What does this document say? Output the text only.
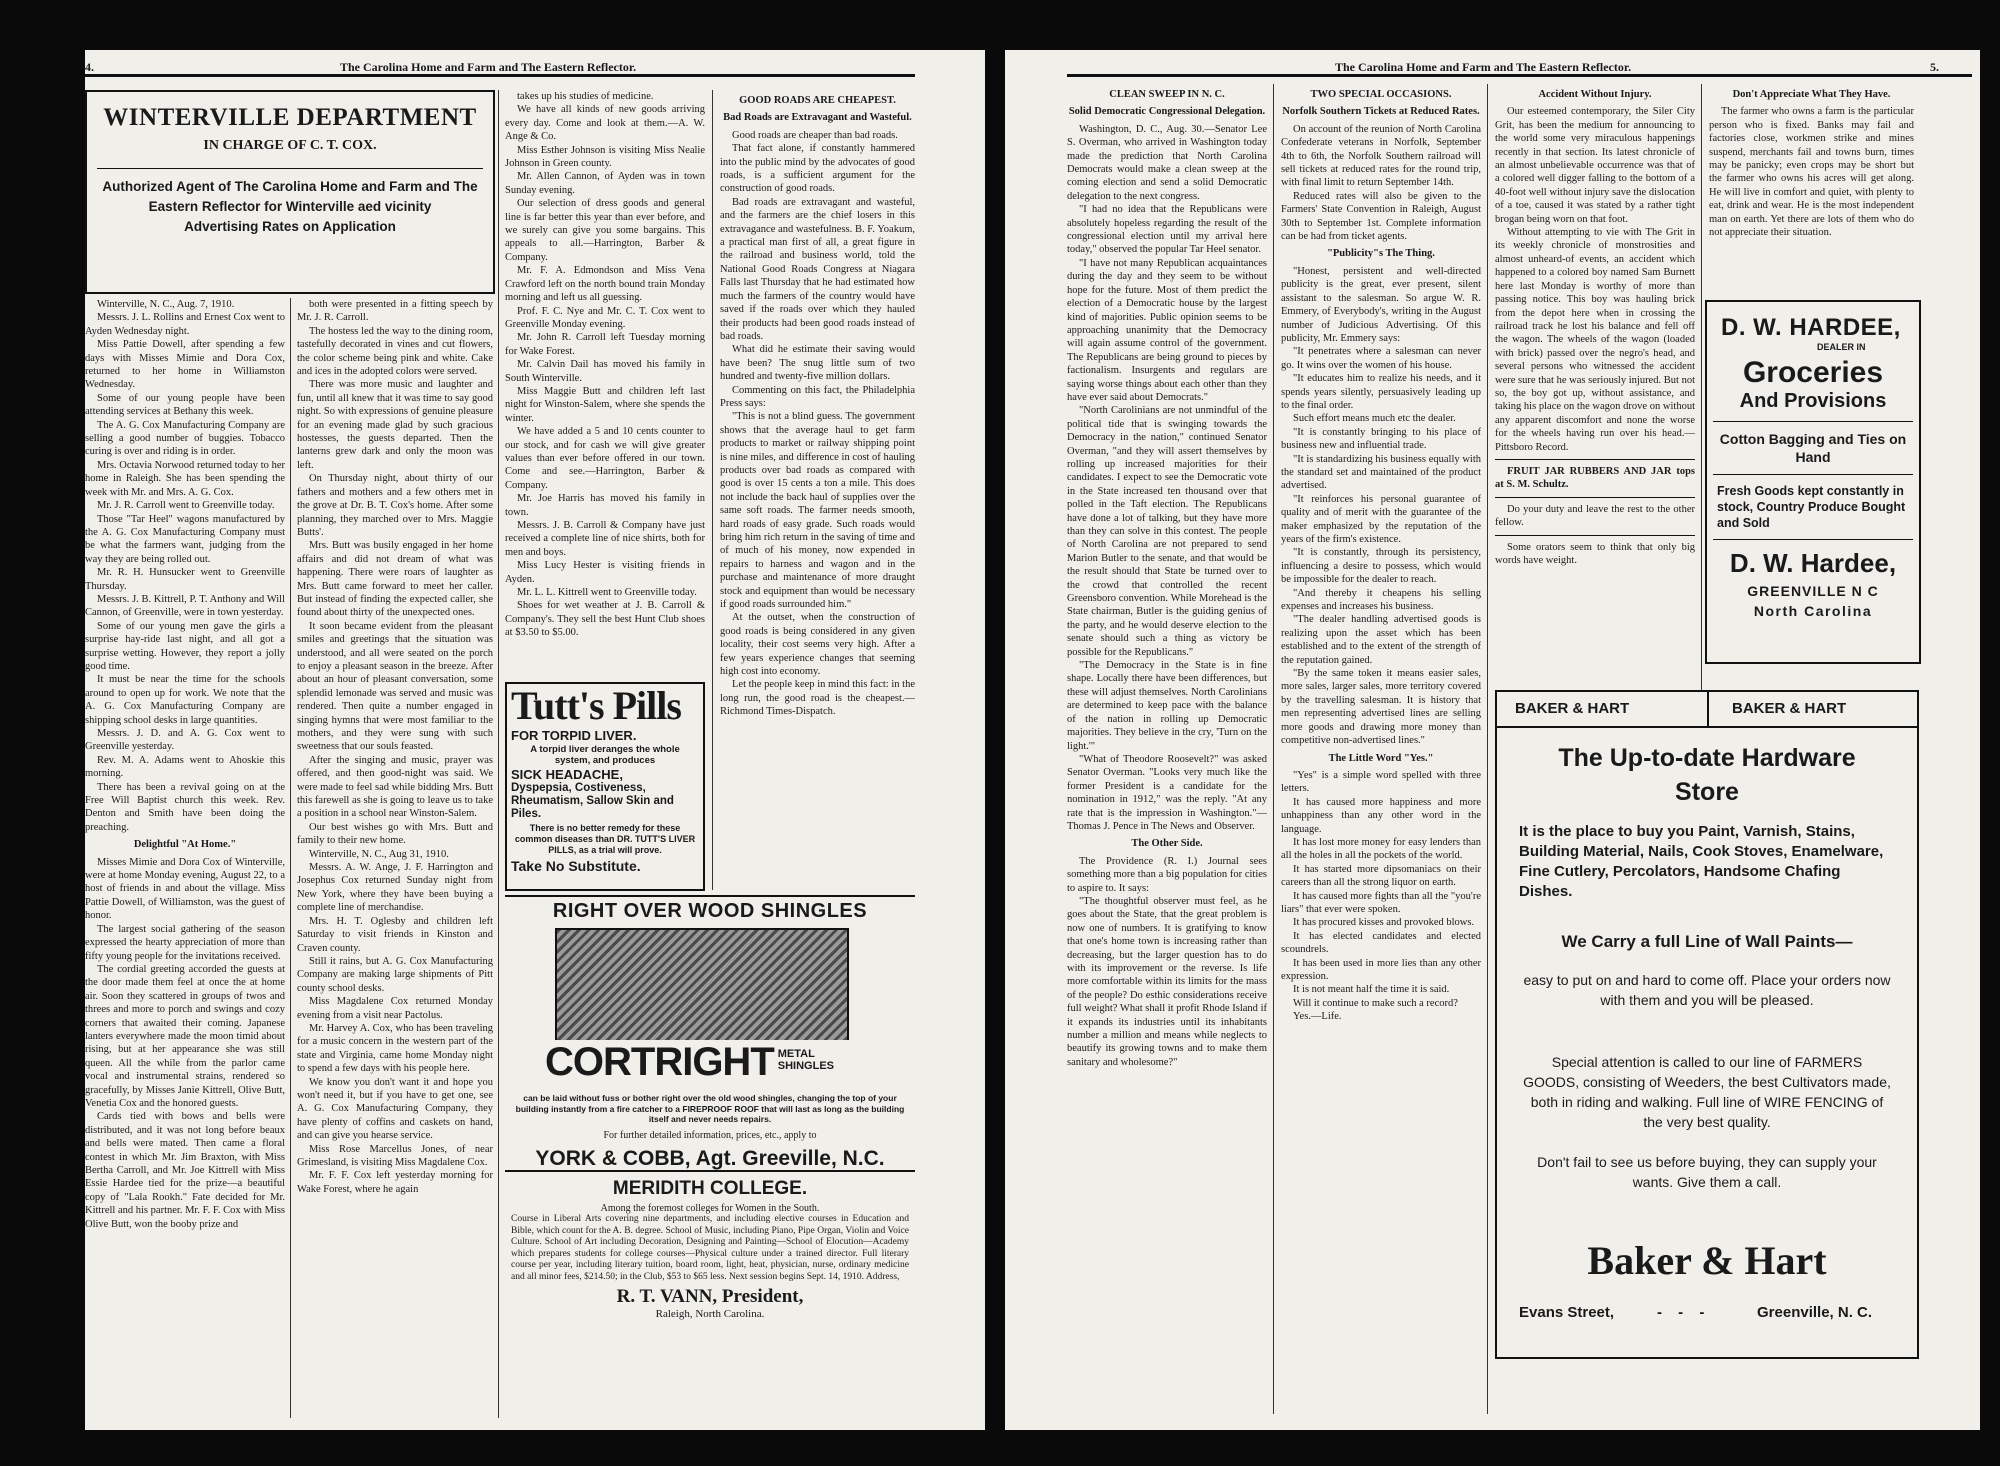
4.	The Carolina Home and Farm and The Eastern Reflector.
WINTERVILLE DEPARTMENT
IN CHARGE OF C. T. COX.
Authorized Agent of The Carolina Home and Farm and The Eastern Reflector for Winterville aed vicinity
Advertising Rates on Application

Winterville, N. C., Aug. 7, 1910.

Messrs. J. L. Rollins and Ernest Cox went to Ayden Wednesday night.

Miss Pattie Dowell, after spending a few days with Misses Mimie and Dora Cox, returned to her home in Williamston Wednesday.

Some of our young people have been attending services at Bethany this week.

The A. G. Cox Manufacturing Company are selling a good number of buggies. Tobacco curing is over and riding is in order.

Mrs. Octavia Norwood returned today to her home in Raleigh. She has been spending the week with Mr. and Mrs. A. G. Cox.

Mr. J. R. Carroll went to Greenville today.

Those "Tar Heel" wagons manufactured by the A. G. Cox Manufacturing Company must be what the farmers want, judging from the way they are being rolled out.

Mr. R. H. Hunsucker went to Greenville Thursday.

Messrs. J. B. Kittrell, P. T. Anthony and Will Cannon, of Greenville, were in town yesterday.

Some of our young men gave the girls a surprise hay-ride last night, and all got a surprise wetting. However, they report a jolly good time.

It must be near the time for the schools around to open up for work. We note that the A. G. Cox Manufacturing Company are shipping school desks in large quantities.

Messrs. J. D. and A. G. Cox went to Greenville yesterday.

Rev. M. A. Adams went to Ahoskie this morning.

There has been a revival going on at the Free Will Baptist church this week. Rev. Denton and Smith have been doing the preaching.

Delightful "At Home."

Misses Mimie and Dora Cox of Winterville, were at home Monday evening, August 22, to a host of friends in and about the village. Miss Pattie Dowell, of Williamston, was the guest of honor.

The largest social gathering of the season expressed the hearty appreciation of more than fifty young people for the invitations received.

The cordial greeting accorded the guests at the door made them feel at once the at home air. Soon they scattered in groups of twos and threes and more to porch and swings and cozy corners that awaited their coming. Japanese lanters everywhere made the moon timid about rising, but at her appearance she was still queen. All the while from the parlor came vocal and instrumental strains, rendered so gracefully, by Misses Janie Kittrell, Olive Butt, Venetia Cox and the honored guests.

Cards tied with bows and bells were distributed, and it was not long before beaux and bells were mated. Then came a floral contest in which Mr. Jim Braxton, with Miss Bertha Carroll, and Mr. Joe Kittrell with Miss Essie Hardee tied for the prize—a beautiful copy of "Lala Rookh." Fate decided for Mr. Kittrell and his partner. Mr. F. F. Cox with Miss Olive Butt, won the booby prize and

both were presented in a fitting speech by Mr. J. R. Carroll.

The hostess led the way to the dining room, tastefully decorated in vines and cut flowers, the color scheme being pink and white. Cake and ices in the adopted colors were served.

There was more music and laughter and fun, until all knew that it was time to say good night. So with expressions of genuine pleasure for an evening made glad by such gracious hostesses, the guests departed. Then the lanterns grew dark and only the moon was left.

On Thursday night, about thirty of our fathers and mothers and a few others met in the grove at Dr. B. T. Cox's home. After some planning, they marched over to Mrs. Maggie Butts'.

Mrs. Butt was busily engaged in her home affairs and did not dream of what was happening. There were roars of laughter as Mrs. Butt came forward to meet her caller. But instead of finding the expected caller, she found about thirty of the unexpected ones.

It soon became evident from the pleasant smiles and greetings that the situation was understood, and all were seated on the porch to enjoy a pleasant season in the breeze. After about an hour of pleasant conversation, some splendid lemonade was served and music was rendered. Then quite a number engaged in singing hymns that were most familiar to the mothers, and they were sung with such sweetness that our souls feasted.

After the singing and music, prayer was offered, and then good-night was said. We were made to feel sad while bidding Mrs. Butt this farewell as she is going to leave us to take a position in a school near Winston-Salem.

Our best wishes go with Mrs. Butt and family to their new home.

Winterville, N. C., Aug 31, 1910.

Messrs. A. W. Ange, J. F. Harrington and Josephus Cox returned Sunday night from New York, where they have been buying a complete line of merchandise.

Mrs. H. T. Oglesby and children left Saturday to visit friends in Kinston and Craven county.

Still it rains, but A. G. Cox Manufacturing Company are making large shipments of Pitt county school desks.

Miss Magdalene Cox returned Monday evening from a visit near Pactolus.

Mr. Harvey A. Cox, who has been traveling for a music concern in the western part of the state and Virginia, came home Monday night to spend a few days with his people here.

We know you don't want it and hope you won't need it, but if you have to get one, see A. G. Cox Manufacturing Company, they have plenty of coffins and caskets on hand, and can give you hearse service.

Miss Rose Marcellus Jones, of near Grimesland, is visiting Miss Magdalene Cox.

Mr. F. F. Cox left yesterday morning for Wake Forest, where he again

takes up his studies of medicine.

We have all kinds of new goods arriving every day. Come and look at them.—A. W. Ange & Co.

Miss Esther Johnson is visiting Miss Nealie Johnson in Green county.

Mr. Allen Cannon, of Ayden was in town Sunday evening.

Our selection of dress goods and general line is far better this year than ever before, and we surely can give you some bargains. This appeals to all.—Harrington, Barber & Company.

Mr. F. A. Edmondson and Miss Vena Crawford left on the north bound train Monday morning and left us all guessing.

Prof. F. C. Nye and Mr. C. T. Cox went to Greenville Monday evening.

Mr. John R. Carroll left Tuesday morning for Wake Forest.

Mr. Calvin Dail has moved his family in South Winterville.

Miss Maggie Butt and children left last night for Winston-Salem, where she spends the winter.

We have added a 5 and 10 cents counter to our stock, and for cash we will give greater values than ever before offered in our town. Come and see.—Harrington, Barber & Company.

Mr. Joe Harris has moved his family in town.

Messrs. J. B. Carroll & Company have just received a complete line of nice shirts, both for men and boys.

Miss Lucy Hester is visiting friends in Ayden.

Mr. L. L. Kittrell went to Greenville today.

Shoes for wet weather at J. B. Carroll & Company's. They sell the best Hunt Club shoes at $3.50 to $5.00.

Tutt's Pills
FOR TORPID LIVER.
A torpid liver deranges the whole system, and produces
SICK HEADACHE,
Dyspepsia, Costiveness, Rheumatism, Sallow Skin and Piles.
There is no better remedy for these common diseases than DR. TUTT'S LIVER PILLS, as a trial will prove.
Take No Substitute.
GOOD ROADS ARE CHEAPEST.
Bad Roads are Extravagant and Wasteful.

Good roads are cheaper than bad roads.

That fact alone, if constantly hammered into the public mind by the advocates of good roads, is a sufficient argument for the construction of good roads.

Bad roads are extravagant and wasteful, and the farmers are the chief losers in this extravagance and wastefulness. B. F. Yoakum, a practical man first of all, a great figure in the railroad and business world, told the National Good Roads Congress at Niagara Falls last Thursday that he had estimated how much the farmers of the country would have saved if the roads over which they hauled their products had been good roads instead of bad roads.

What did he estimate their saving would have been? The snug little sum of two hundred and twenty-five million dollars.

Commenting on this fact, the Philadelphia Press says:

"This is not a blind guess. The government shows that the average haul to get farm products to market or railway shipping point is nine miles, and difference in cost of hauling products over bad roads as compared with good is over 15 cents a ton a mile. This does not include the back haul of supplies over the same soft roads. The farmer needs smooth, hard roads of easy grade. Such roads would bring him rich return in the saving of time and of much of his money, now expended in repairs to harness and wagon and in the purchase and maintenance of more draught stock and equipment than would be necessary if good roads surrounded him."

At the outset, when the construction of good roads is being considered in any given locality, their cost seems very high. After a few years experience changes that seeming high cost into economy.

Let the people keep in mind this fact: in the long run, the good road is the cheapest.—Richmond Times-Dispatch.

RIGHT OVER WOOD SHINGLES
CORTRIGHT METAL SHINGLES
can be laid without fuss or bother right over the old wood shingles, changing the top of your building instantly from a fire catcher to a FIREPROOF ROOF that will last as long as the building itself and never needs repairs.
For further detailed information, prices, etc., apply to
YORK & COBB, Agt. Greeville, N.C.
MERIDITH COLLEGE.
Among the foremost colleges for Women in the South.
Course in Liberal Arts covering nine departments, and including elective courses in Education and Bible, which count for the A. B. degree. School of Music, including Piano, Pipe Organ, Violin and Voice Culture. School of Art including Decoration, Designing and Painting—School of Elocution—Academy which prepares students for college courses—Physical culture under a trained director. Full literary course per year, including literary tuition, board room, light, heat, physician, nurse, ordinary medicine and all minor fees, $214.50; in the Club, $53 to $65 less. Next session begins Sept. 14, 1910. Address,
R. T. VANN, President,
Raleigh, North Carolina.
The Carolina Home and Farm and The Eastern Reflector.	5.
CLEAN SWEEP IN N. C.
Solid Democratic Congressional Delegation.

Washington, D. C., Aug. 30.—Senator Lee S. Overman, who arrived in Washington today made the prediction that North Carolina Democrats would make a clean sweep at the coming election and send a solid Democratic delegation to the next congress.

"I had no idea that the Republicans were absolutely hopeless regarding the result of the congressional election until my arrival here today," observed the popular Tar Heel senator.

"I have not many Republican acquaintances during the day and they seem to be without hope for the future. Most of them predict the election of a Democratic house by the largest kind of majorities. Public opinion seems to be approaching unanimity that the Democracy will again assume control of the government. The Republicans are being ground to pieces by factionalism. Insurgents and regulars are saying worse things about each other than they have ever said about Democrats."

"North Carolinians are not unmindful of the political tide that is swinging towards the Democracy in the nation," continued Senator Overman, "and they will assert themselves by rolling up increased majorities for their candidates. I expect to see the Democratic vote in the State increased ten thousand over that polled in the Taft election. The Republicans have done a lot of talking, but they have more than they can solve in this contest. The people of North Carolina are not prepared to send Marion Butler to the senate, and that would be the result should that State be turned over to the crowd that controlled the recent Greensboro convention. While Morehead is the State chairman, Butler is the guiding genius of the party, and he would deserve election to the senate should such a thing as victory be possible for the Republicans."

"The Democracy in the State is in fine shape. Locally there have been differences, but these will adjust themselves. North Carolinians are determined to keep pace with the balance of the nation in rolling up Democratic majorities. They believe in the cry, 'Turn on the light.'"

"What of Theodore Roosevelt?" was asked Senator Overman. "Looks very much like the former President is a candidate for the nomination in 1912," was the reply. "At any rate that is the impression in Washington."—Thomas J. Pence in The News and Observer.

The Other Side.

The Providence (R. I.) Journal sees something more than a big population for cities to aspire to. It says:

"The thoughtful observer must feel, as he goes about the State, that the great problem is now one of numbers. It is gratifying to know that one's home town is increasing rather than decreasing, but the larger question has to do with its improvement or the reverse. Is life more comfortable within its limits for the mass of the people? Do esthic considerations receive full weight? What shall it profit Rhode Island if it expands its industries until its inhabitants number a million and means while neglects to beautify its growing towns and to make them sanitary and wholesome?"

TWO SPECIAL OCCASIONS.
Norfolk Southern Tickets at Reduced Rates.

On account of the reunion of North Carolina Confederate veterans in Norfolk, September 4th to 6th, the Norfolk Southern railroad will sell tickets at reduced rates for the round trip, with final limit to return September 14th.

Reduced rates will also be given to the Farmers' State Convention in Raleigh, August 30th to September 1st. Complete information can be had from ticket agents.

"Publicity"s The Thing.

"Honest, persistent and well-directed publicity is the great, ever present, silent assistant to the salesman. So argue W. R. Emmery, of Everybody's, writing in the August number of Judicious Advertising. Of this publicity, Mr. Emmery says:

"It penetrates where a salesman can never go. It wins over the women of his house.

"It educates him to realize his needs, and it spends years silently, persuasively leading up to the final order.

Such effort means much etc the dealer.

"It is constantly bringing to his place of business new and influential trade.

"It is standardizing his business equally with the standard set and maintained of the product advertised.

"It reinforces his personal guarantee of quality and of merit with the guarantee of the maker emphasized by the reputation of the years of the firm's existence.

"It is constantly, through its persistency, influencing a desire to possess, which would be impossible for the dealer to reach.

"And thereby it cheapens his selling expenses and increases his business.

"The dealer handling advertised goods is realizing upon the asset which has been established and to the extent of the strength of the reputation gained.

"By the same token it means easier sales, more sales, larger sales, more territory covered by the travelling salesman. It is history that men representing advertised lines are selling more goods and drawing more money than competitive non-advertised lines."

The Little Word "Yes."

"Yes" is a simple word spelled with three letters.

It has caused more happiness and more unhappiness than any other word in the language.

It has lost more money for easy lenders than all the holes in all the pockets of the world.

It has started more dipsomaniacs on their careers than all the strong liquor on earth.

It has caused more fights than all the "you're liars" that ever were spoken.

It has procured kisses and provoked blows.

It has elected candidates and elected scoundrels.

It has been used in more lies than any other expression.

It is not meant half the time it is said.

Will it continue to make such a record?

Yes.—Life.

Accident Without Injury.

Our esteemed contemporary, the Siler City Grit, has been the medium for announcing to the world some very miraculous happenings recently in that section. Its latest chronicle of an almost unbelievable occurrence was that of a colored well digger falling to the bottom of a 40-foot well without injury save the dislocation of a toe, caused it was stated by a rather tight brogan being worn on that foot.

Without attempting to vie with The Grit in its weekly chronicle of monstrosities and almost unheard-of events, an accident which happened to a colored boy named Sam Burnett here last Monday is worthy of more than passing notice. This boy was hauling brick from the depot here when in crossing the railroad track he lost his balance and fell off the wagon. The wheels of the wagon (loaded with brick) passed over the negro's head, and several persons who witnessed the accident were sure that he was seriously injured. But not so, the boy got up, without assistance, and taking his place on the wagon drove on without any apparent discomfort and none the worse for the wheels having run over his head.—Pittsboro Record.

FRUIT JAR RUBBERS AND JAR tops at S. M. Schultz.

Do your duty and leave the rest to the other fellow.

Some orators seem to think that only big words have weight.

Don't Appreciate What They Have.

The farmer who owns a farm is the particular person who is fixed. Banks may fail and factories close, workmen strike and mines suspend, merchants fail and towns burn, times may be panicky; even crops may be short but the farmer who owns his acres will get along. He will live in comfort and quiet, with plenty to eat, drink and wear. He is the most independent man on earth. Yet there are lots of them who do not appreciate their situation.

D. W. HARDEE,
DEALER IN
Groceries
And Provisions
Cotton Bagging and Ties on Hand
Fresh Goods kept constantly in stock, Country Produce Bought and Sold
D. W. Hardee,
GREENVILLE N C
North Carolina
BAKER & HART	BAKER & HART
The Up-to-date Hardware
Store
It is the place to buy you Paint, Varnish, Stains, Building Material, Nails, Cook Stoves, Enamelware, Fine Cutlery, Percolators, Handsome Chafing Dishes.
We Carry a full Line of Wall Paints—
easy to put on and hard to come off. Place your orders now with them and you will be pleased.
Special attention is called to our line of FARMERS GOODS, consisting of Weeders, the best Cultivators made, both in riding and walking. Full line of WIRE FENCING of the very best quality.
Don't fail to see us before buying, they can supply your wants. Give them a call.
Baker & Hart
Evans Street,	- - -	Greenville, N. C.
